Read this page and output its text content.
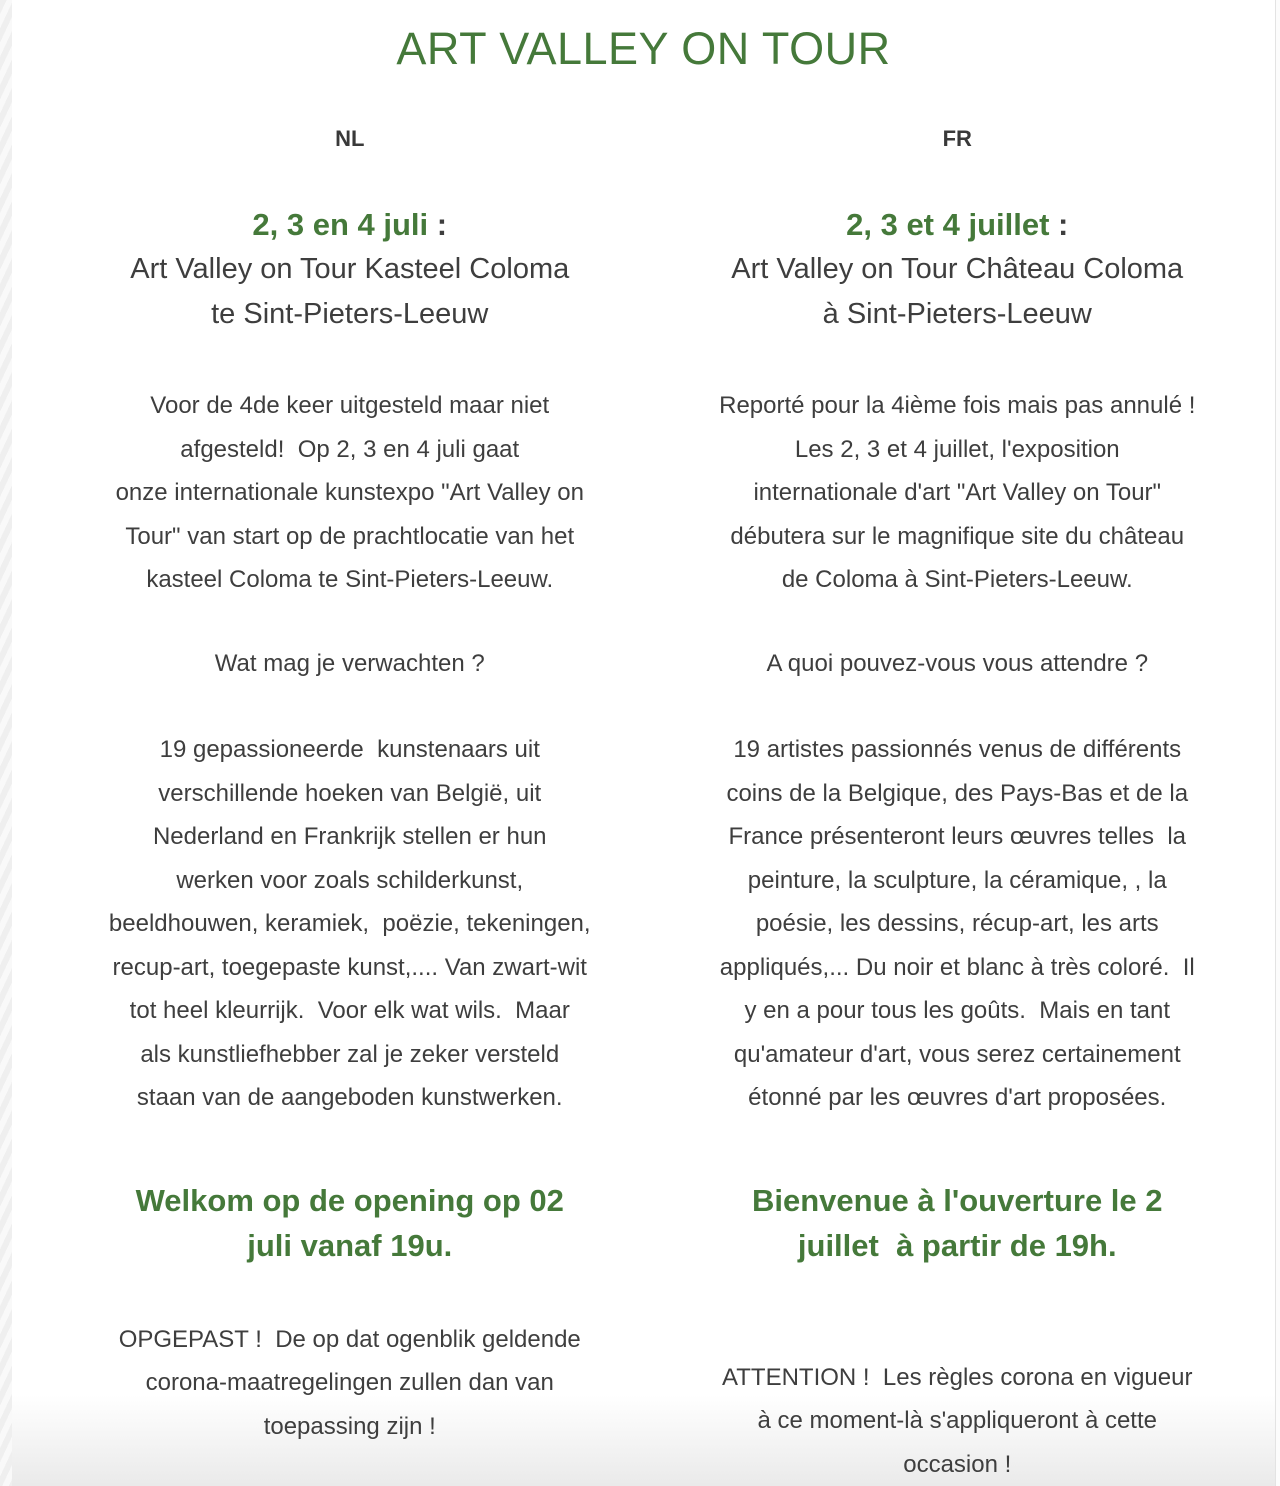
ART VALLEY ON TOUR
NL
2, 3 en 4 juli :
Art Valley on Tour Kasteel Coloma
te Sint-Pieters-Leeuw

Voor de 4de keer uitgesteld maar niet
afgesteld!  Op 2, 3 en 4 juli gaat
onze internationale kunstexpo "Art Valley on
Tour" van start op de prachtlocatie van het
kasteel Coloma te Sint-Pieters-Leeuw.

Wat mag je verwachten ?

19 gepassioneerde  kunstenaars uit
verschillende hoeken van België, uit
Nederland en Frankrijk stellen er hun
werken voor zoals schilderkunst,
beeldhouwen, keramiek,  poëzie, tekeningen,
recup-art, toegepaste kunst,.... Van zwart-wit
tot heel kleurrijk.  Voor elk wat wils.  Maar
als kunstliefhebber zal je zeker versteld
staan van de aangeboden kunstwerken.

Welkom op de opening op 02
juli vanaf 19u.

OPGEPAST !  De op dat ogenblik geldende
corona-maatregelingen zullen dan van
toepassing zijn !

FR
2, 3 et 4 juillet :
Art Valley on Tour Château Coloma
à Sint-Pieters-Leeuw

Reporté pour la 4ième fois mais pas annulé !
Les 2, 3 et 4 juillet, l'exposition
internationale d'art "Art Valley on Tour"
débutera sur le magnifique site du château
de Coloma à Sint-Pieters-Leeuw.

A quoi pouvez-vous vous attendre ?

19 artistes passionnés venus de différents
coins de la Belgique, des Pays-Bas et de la
France présenteront leurs œuvres telles  la
peinture, la sculpture, la céramique, , la
poésie, les dessins, récup-art, les arts
appliqués,... Du noir et blanc à très coloré.  Il
y en a pour tous les goûts.  Mais en tant
qu'amateur d'art, vous serez certainement
étonné par les œuvres d'art proposées.

Bienvenue à l'ouverture le 2
juillet  à partir de 19h.

ATTENTION !  Les règles corona en vigueur
à ce moment-là s'appliqueront à cette
occasion !
